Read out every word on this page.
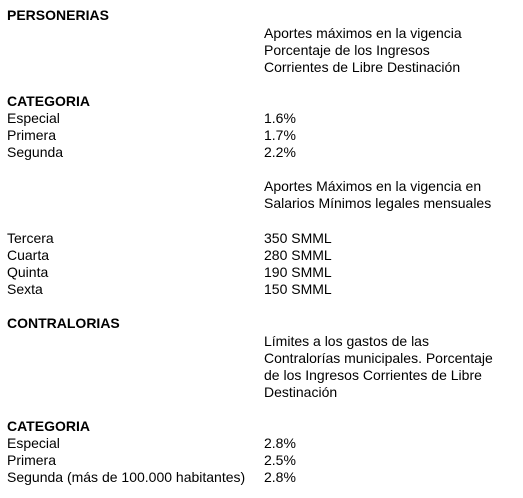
PERSONERIAS
Aportes máximos en la vigencia
Porcentaje de los Ingresos
Corrientes de Libre Destinación
CATEGORIA
Especial	1.6%
Primera	1.7%
Segunda	2.2%
Aportes Máximos en la vigencia en
Salarios Mínimos legales mensuales
Tercera	350 SMML
Cuarta	280 SMML
Quinta	190 SMML
Sexta	150 SMML
CONTRALORIAS
Límites a los gastos de las
Contralorías municipales. Porcentaje
de los Ingresos Corrientes de Libre
Destinación
CATEGORIA
Especial	2.8%
Primera	2.5%
Segunda (más de 100.000 habitantes) 2.8%
